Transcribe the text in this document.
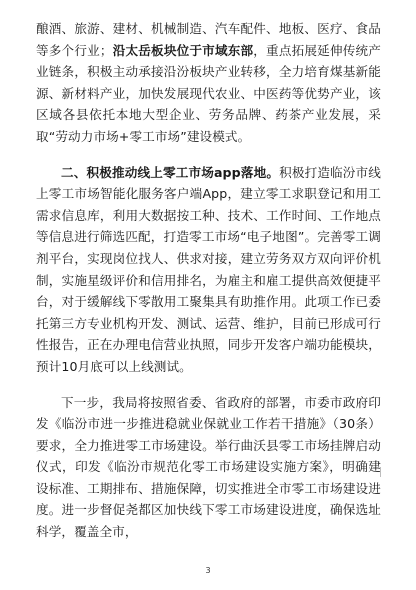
酿酒、旅游、建材、机械制造、汽车配件、地板、医疗、食品等多个行业；沿太岳板块位于市域东部，重点拓展延伸传统产业链条，积极主动承接沿汾板块产业转移，全力培育煤基新能源、新材料产业，加快发展现代农业、中医药等优势产业，该区域各县依托本地大型企业、劳务品牌、药茶产业发展，采取“劳动力市场+零工市场”建设模式。

二、积极推动线上零工市场app落地。积极打造临汾市线上零工市场智能化服务客户端App，建立零工求职登记和用工需求信息库，利用大数据按工种、技术、工作时间、工作地点等信息进行筛选匹配，打造零工市场“电子地图”。完善零工调剂平台，实现岗位找人、供求对接，建立劳务双方双向评价机制，实施星级评价和信用排名，为雇主和雇工提供高效便捷平台，对于缓解线下零散用工聚集具有助推作用。此项工作已委托第三方专业机构开发、测试、运营、维护，目前已形成可行性报告，正在办理电信营业执照，同步开发客户端功能模块，预计10月底可以上线测试。

下一步，我局将按照省委、省政府的部署，市委市政府印发《临汾市进一步推进稳就业保就业工作若干措施》（30条）要求，全力推进零工市场建设。举行曲沃县零工市场挂牌启动仪式，印发《临汾市规范化零工市场建设实施方案》，明确建设标准、工期排布、措施保障，切实推进全市零工市场建设进度。进一步督促尧都区加快线下零工市场建设进度，确保选址科学，覆盖全市，

3
